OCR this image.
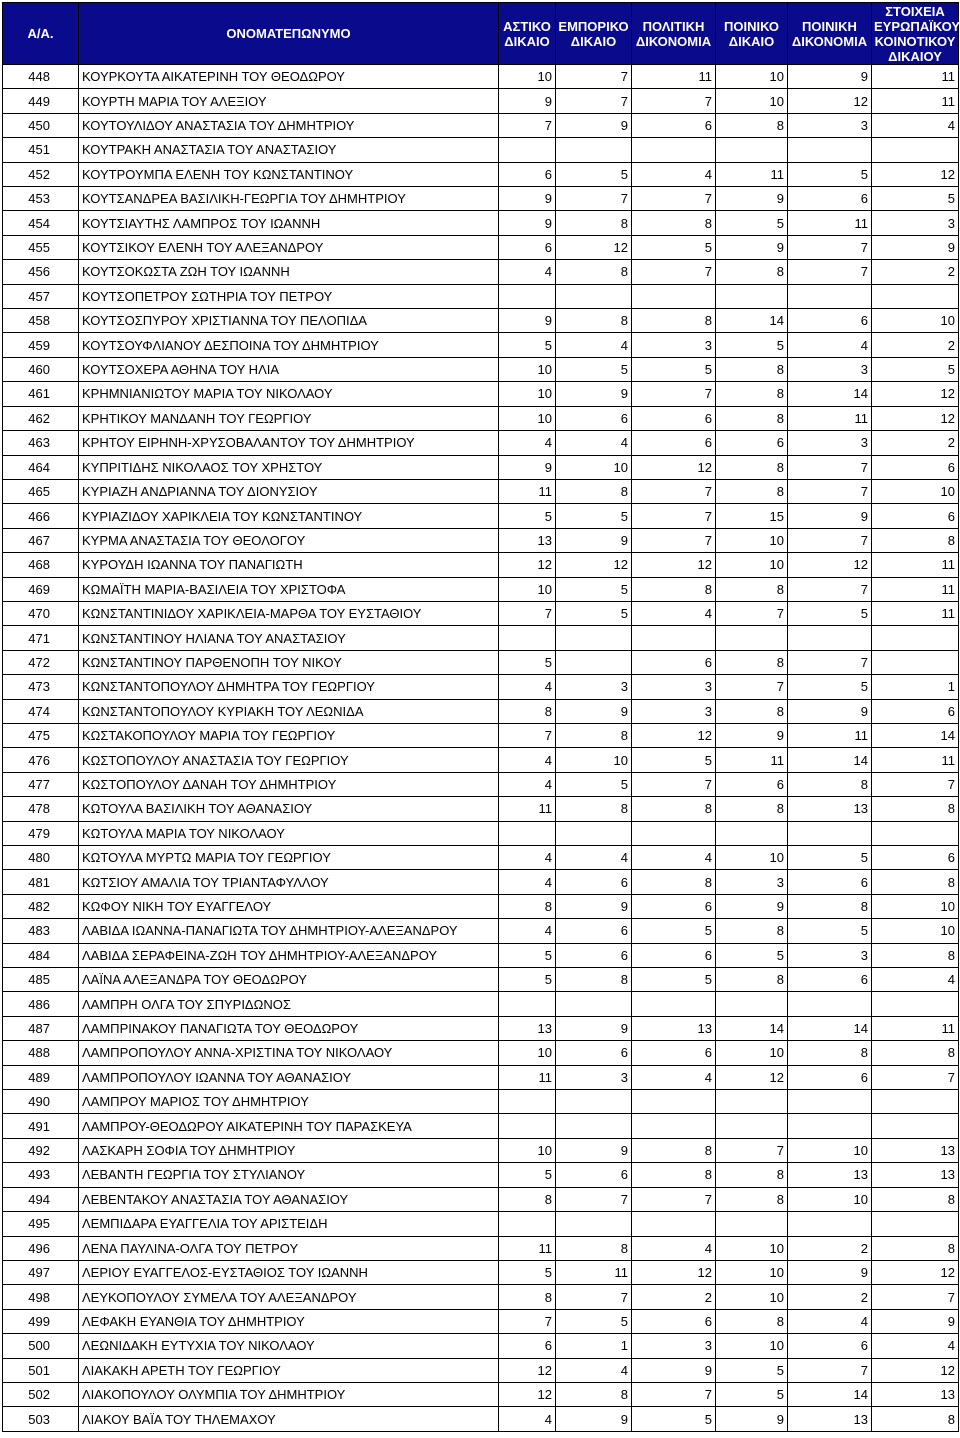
Α/Α.	ΟΝΟΜΑΤΕΠΩΝΥΜΟ	ΑΣΤΙΚΟ ΔΙΚΑΙΟ	ΕΜΠΟΡΙΚΟ ΔΙΚΑΙΟ	ΠΟΛΙΤΙΚΗ ΔΙΚΟΝΟΜΙΑ	ΠΟΙΝΙΚΟ ΔΙΚΑΙΟ	ΠΟΙΝΙΚΗ ΔΙΚΟΝΟΜΙΑ	ΣΤΟΙΧΕΙΑ ΕΥΡΩΠΑΪΚΟΥ ΚΟΙΝΟΤΙΚΟΥ ΔΙΚΑΙΟΥ
448	ΚΟΥΡΚΟΥΤΑ ΑΙΚΑΤΕΡΙΝΗ ΤΟΥ ΘΕΟΔΩΡΟΥ	10	7	11	10	9	11
449	ΚΟΥΡΤΗ ΜΑΡΙΑ ΤΟΥ ΑΛΕΞΙΟΥ	9	7	7	10	12	11
450	ΚΟΥΤΟΥΛΙΔΟΥ ΑΝΑΣΤΑΣΙΑ ΤΟΥ ΔΗΜΗΤΡΙΟΥ	7	9	6	8	3	4
451	ΚΟΥΤΡΑΚΗ ΑΝΑΣΤΑΣΙΑ ΤΟΥ ΑΝΑΣΤΑΣΙΟΥ						
452	ΚΟΥΤΡΟΥΜΠΑ ΕΛΕΝΗ ΤΟΥ ΚΩΝΣΤΑΝΤΙΝΟΥ	6	5	4	11	5	12
453	ΚΟΥΤΣΑΝΔΡΕΑ ΒΑΣΙΛΙΚΗ-ΓΕΩΡΓΙΑ ΤΟΥ ΔΗΜΗΤΡΙΟΥ	9	7	7	9	6	5
454	ΚΟΥΤΣΙΑΥΤΗΣ ΛΑΜΠΡΟΣ ΤΟΥ ΙΩΑΝΝΗ	9	8	8	5	11	3
455	ΚΟΥΤΣΙΚΟΥ ΕΛΕΝΗ ΤΟΥ ΑΛΕΞΑΝΔΡΟΥ	6	12	5	9	7	9
456	ΚΟΥΤΣΟΚΩΣΤΑ ΖΩΗ ΤΟΥ ΙΩΑΝΝΗ	4	8	7	8	7	2
457	ΚΟΥΤΣΟΠΕΤΡΟΥ ΣΩΤΗΡΙΑ ΤΟΥ ΠΕΤΡΟΥ						
458	ΚΟΥΤΣΟΣΠΥΡΟΥ ΧΡΙΣΤΙΑΝΝΑ ΤΟΥ ΠΕΛΟΠΙΔΑ	9	8	8	14	6	10
459	ΚΟΥΤΣΟΥΦΛΙΑΝΟΥ ΔΕΣΠΟΙΝΑ ΤΟΥ ΔΗΜΗΤΡΙΟΥ	5	4	3	5	4	2
460	ΚΟΥΤΣΟΧΕΡΑ ΑΘΗΝΑ ΤΟΥ ΗΛΙΑ	10	5	5	8	3	5
461	ΚΡΗΜΝΙΑΝΙΩΤΟΥ ΜΑΡΙΑ ΤΟΥ ΝΙΚΟΛΑΟΥ	10	9	7	8	14	12
462	ΚΡΗΤΙΚΟΥ ΜΑΝΔΑΝΗ ΤΟΥ ΓΕΩΡΓΙΟΥ	10	6	6	8	11	12
463	ΚΡΗΤΟΥ ΕΙΡΗΝΗ-ΧΡΥΣΟΒΑΛΑΝΤΟΥ ΤΟΥ ΔΗΜΗΤΡΙΟΥ	4	4	6	6	3	2
464	ΚΥΠΡΙΤΙΔΗΣ ΝΙΚΟΛΑΟΣ ΤΟΥ ΧΡΗΣΤΟΥ	9	10	12	8	7	6
465	ΚΥΡΙΑΖΗ ΑΝΔΡΙΑΝΝΑ ΤΟΥ ΔΙΟΝΥΣΙΟΥ	11	8	7	8	7	10
466	ΚΥΡΙΑΖΙΔΟΥ ΧΑΡΙΚΛΕΙΑ ΤΟΥ ΚΩΝΣΤΑΝΤΙΝΟΥ	5	5	7	15	9	6
467	ΚΥΡΜΑ ΑΝΑΣΤΑΣΙΑ ΤΟΥ ΘΕΟΛΟΓΟΥ	13	9	7	10	7	8
468	ΚΥΡΟΥΔΗ ΙΩΑΝΝΑ ΤΟΥ ΠΑΝΑΓΙΩΤΗ	12	12	12	10	12	11
469	ΚΩΜΑΪΤΗ ΜΑΡΙΑ-ΒΑΣΙΛΕΙΑ ΤΟΥ ΧΡΙΣΤΟΦΑ	10	5	8	8	7	11
470	ΚΩΝΣΤΑΝΤΙΝΙΔΟΥ ΧΑΡΙΚΛΕΙΑ-ΜΑΡΘΑ ΤΟΥ ΕΥΣΤΑΘΙΟΥ	7	5	4	7	5	11
471	ΚΩΝΣΤΑΝΤΙΝΟΥ ΗΛΙΑΝΑ ΤΟΥ ΑΝΑΣΤΑΣΙΟΥ						
472	ΚΩΝΣΤΑΝΤΙΝΟΥ ΠΑΡΘΕΝΟΠΗ ΤΟΥ ΝΙΚΟΥ	5		6	8	7	
473	ΚΩΝΣΤΑΝΤΟΠΟΥΛΟΥ ΔΗΜΗΤΡΑ ΤΟΥ ΓΕΩΡΓΙΟΥ	4	3	3	7	5	1
474	ΚΩΝΣΤΑΝΤΟΠΟΥΛΟΥ ΚΥΡΙΑΚΗ ΤΟΥ ΛΕΩΝΙΔΑ	8	9	3	8	9	6
475	ΚΩΣΤΑΚΟΠΟΥΛΟΥ ΜΑΡΙΑ ΤΟΥ ΓΕΩΡΓΙΟΥ	7	8	12	9	11	14
476	ΚΩΣΤΟΠΟΥΛΟΥ ΑΝΑΣΤΑΣΙΑ ΤΟΥ ΓΕΩΡΓΙΟΥ	4	10	5	11	14	11
477	ΚΩΣΤΟΠΟΥΛΟΥ ΔΑΝΑΗ ΤΟΥ ΔΗΜΗΤΡΙΟΥ	4	5	7	6	8	7
478	ΚΩΤΟΥΛΑ ΒΑΣΙΛΙΚΗ ΤΟΥ ΑΘΑΝΑΣΙΟΥ	11	8	8	8	13	8
479	ΚΩΤΟΥΛΑ ΜΑΡΙΑ ΤΟΥ ΝΙΚΟΛΑΟΥ						
480	ΚΩΤΟΥΛΑ ΜΥΡΤΩ ΜΑΡΙΑ ΤΟΥ ΓΕΩΡΓΙΟΥ	4	4	4	10	5	6
481	ΚΩΤΣΙΟΥ ΑΜΑΛΙΑ ΤΟΥ ΤΡΙΑΝΤΑΦΥΛΛΟΥ	4	6	8	3	6	8
482	ΚΩΦΟΥ ΝΙΚΗ ΤΟΥ ΕΥΑΓΓΕΛΟΥ	8	9	6	9	8	10
483	ΛΑΒΙΔΑ ΙΩΑΝΝΑ-ΠΑΝΑΓΙΩΤΑ ΤΟΥ ΔΗΜΗΤΡΙΟΥ-ΑΛΕΞΑΝΔΡΟΥ	4	6	5	8	5	10
484	ΛΑΒΙΔΑ ΣΕΡΑΦΕΙΝΑ-ΖΩΗ ΤΟΥ ΔΗΜΗΤΡΙΟΥ-ΑΛΕΞΑΝΔΡΟΥ	5	6	6	5	3	8
485	ΛΑΪΝΑ ΑΛΕΞΑΝΔΡΑ ΤΟΥ ΘΕΟΔΩΡΟΥ	5	8	5	8	6	4
486	ΛΑΜΠΡΗ ΟΛΓΑ ΤΟΥ ΣΠΥΡΙΔΩΝΟΣ						
487	ΛΑΜΠΡΙΝΑΚΟΥ ΠΑΝΑΓΙΩΤΑ ΤΟΥ ΘΕΟΔΩΡΟΥ	13	9	13	14	14	11
488	ΛΑΜΠΡΟΠΟΥΛΟΥ ΑΝΝΑ-ΧΡΙΣΤΙΝΑ ΤΟΥ ΝΙΚΟΛΑΟΥ	10	6	6	10	8	8
489	ΛΑΜΠΡΟΠΟΥΛΟΥ ΙΩΑΝΝΑ ΤΟΥ ΑΘΑΝΑΣΙΟΥ	11	3	4	12	6	7
490	ΛΑΜΠΡΟΥ ΜΑΡΙΟΣ ΤΟΥ ΔΗΜΗΤΡΙΟΥ						
491	ΛΑΜΠΡΟΥ-ΘΕΟΔΩΡΟΥ ΑΙΚΑΤΕΡΙΝΗ ΤΟΥ ΠΑΡΑΣΚΕΥΑ						
492	ΛΑΣΚΑΡΗ ΣΟΦΙΑ ΤΟΥ ΔΗΜΗΤΡΙΟΥ	10	9	8	7	10	13
493	ΛΕΒΑΝΤΗ ΓΕΩΡΓΙΑ ΤΟΥ ΣΤΥΛΙΑΝΟΥ	5	6	8	8	13	13
494	ΛΕΒΕΝΤΑΚΟΥ ΑΝΑΣΤΑΣΙΑ ΤΟΥ ΑΘΑΝΑΣΙΟΥ	8	7	7	8	10	8
495	ΛΕΜΠΙΔΑΡΑ ΕΥΑΓΓΕΛΙΑ ΤΟΥ ΑΡΙΣΤΕΙΔΗ						
496	ΛΕΝΑ ΠΑΥΛΙΝΑ-ΟΛΓΑ ΤΟΥ ΠΕΤΡΟΥ	11	8	4	10	2	8
497	ΛΕΡΙΟΥ ΕΥΑΓΓΕΛΟΣ-ΕΥΣΤΑΘΙΟΣ ΤΟΥ ΙΩΑΝΝΗ	5	11	12	10	9	12
498	ΛΕΥΚΟΠΟΥΛΟΥ ΣΥΜΕΛΑ ΤΟΥ ΑΛΕΞΑΝΔΡΟΥ	8	7	2	10	2	7
499	ΛΕΦΑΚΗ ΕΥΑΝΘΙΑ ΤΟΥ ΔΗΜΗΤΡΙΟΥ	7	5	6	8	4	9
500	ΛΕΩΝΙΔΑΚΗ ΕΥΤΥΧΙΑ ΤΟΥ ΝΙΚΟΛΑΟΥ	6	1	3	10	6	4
501	ΛΙΑΚΑΚΗ ΑΡΕΤΗ ΤΟΥ ΓΕΩΡΓΙΟΥ	12	4	9	5	7	12
502	ΛΙΑΚΟΠΟΥΛΟΥ ΟΛΥΜΠΙΑ ΤΟΥ ΔΗΜΗΤΡΙΟΥ	12	8	7	5	14	13
503	ΛΙΑΚΟΥ ΒΑΪΑ ΤΟΥ ΤΗΛΕΜΑΧΟΥ	4	9	5	9	13	8
